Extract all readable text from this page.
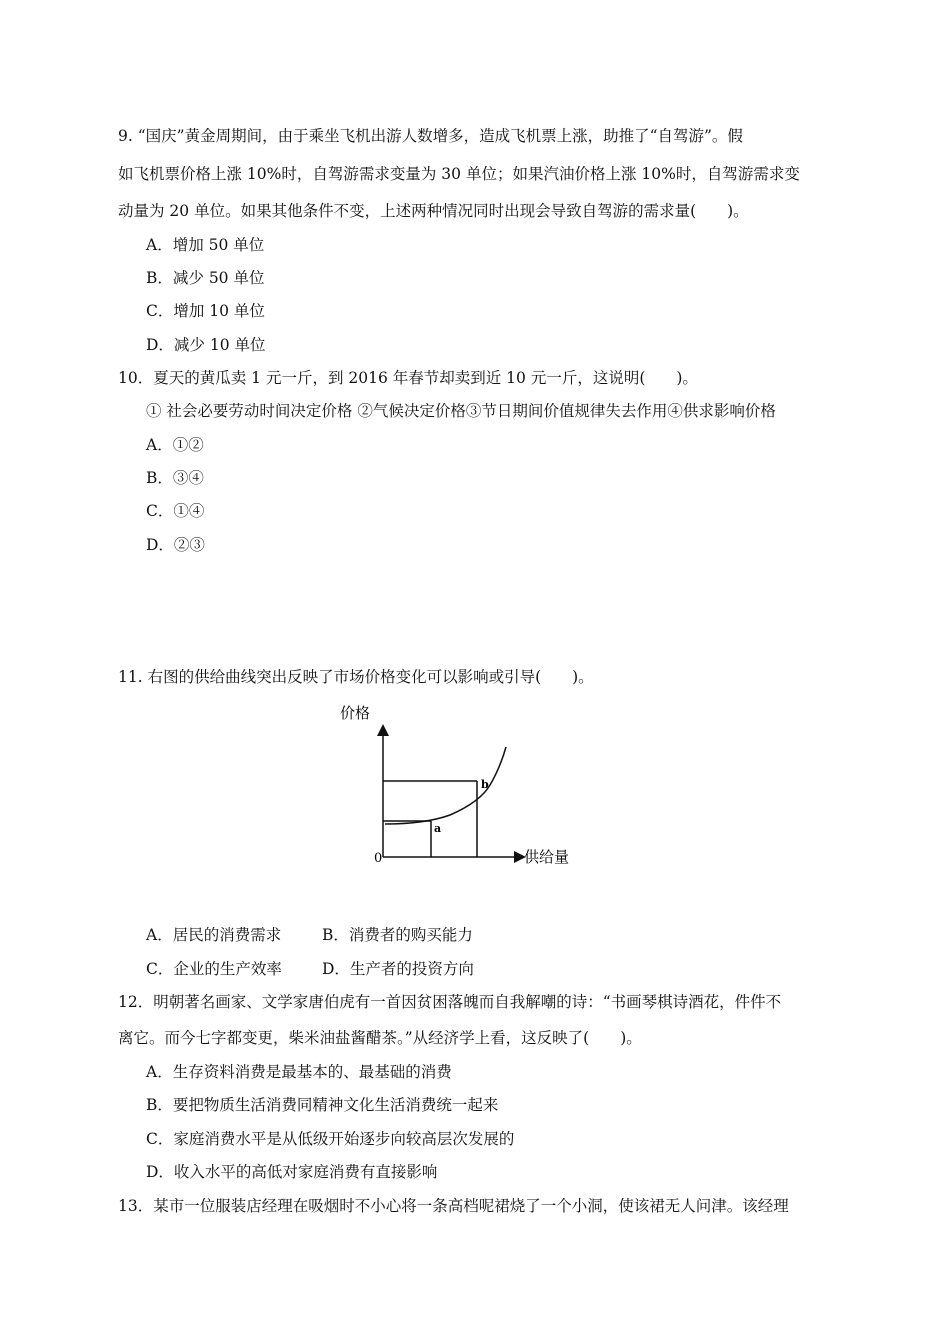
9. “国庆”黄金周期间，由于乘坐飞机出游人数增多，造成飞机票上涨，助推了“自驾游”。假
如飞机票价格上涨 10%时，自驾游需求变量为 30 单位；如果汽油价格上涨 10%时，自驾游需求变
动量为 20 单位。如果其他条件不变，上述两种情况同时出现会导致自驾游的需求量(　　)。
A．增加 50 单位
B．减少 50 单位
C．增加 10 单位
D．减少 10 单位
10．夏天的黄瓜卖 1 元一斤，到 2016 年春节却卖到近 10 元一斤，这说明(　　)。
① 社会必要劳动时间决定价格 ②气候决定价格③节日期间价值规律失去作用④供求影响价格
A．①②
B．③④
C．①④
D．②③
11. 右图的供给曲线突出反映了市场价格变化可以影响或引导(　　)。
价格
供给量
0
a
b
A．居民的消费需求	B．消费者的购买能力
C．企业的生产效率	D．生产者的投资方向
12．明朝著名画家、文学家唐伯虎有一首因贫困落魄而自我解嘲的诗：“书画琴棋诗酒花，件件不
离它。而今七字都变更，柴米油盐酱醋茶。”从经济学上看，这反映了(　　)。
A．生存资料消费是最基本的、最基础的消费
B．要把物质生活消费同精神文化生活消费统一起来
C．家庭消费水平是从低级开始逐步向较高层次发展的
D．收入水平的高低对家庭消费有直接影响
13．某市一位服装店经理在吸烟时不小心将一条高档呢裙烧了一个小洞，使该裙无人问津。该经理
